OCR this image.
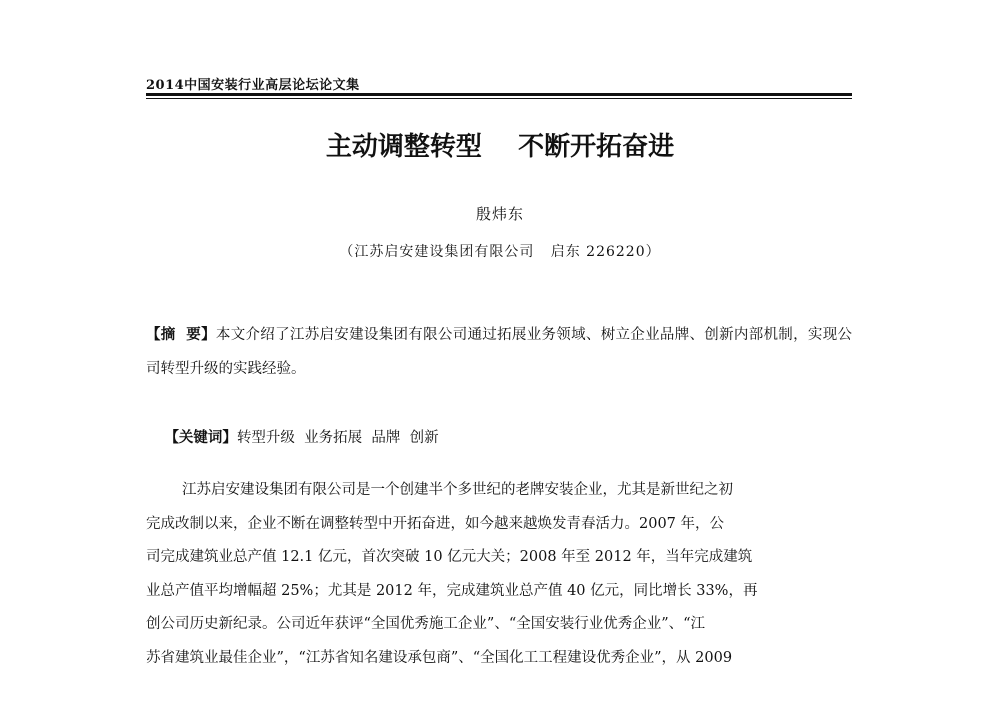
2014中国安装行业高层论坛论文集
主动调整转型    不断开拓奋进
殷炜东
（江苏启安建设集团有限公司   启东 226220）
【摘  要】本文介绍了江苏启安建设集团有限公司通过拓展业务领域、树立企业品牌、创新内部机制，实现公司转型升级的实践经验。

【关键词】转型升级  业务拓展  品牌  创新

江苏启安建设集团有限公司是一个创建半个多世纪的老牌安装企业，尤其是新世纪之初
完成改制以来，企业不断在调整转型中开拓奋进，如今越来越焕发青春活力。2007 年，公
司完成建筑业总产值 12.1 亿元，首次突破 10 亿元大关；2008 年至 2012 年，当年完成建筑
业总产值平均增幅超 25%；尤其是 2012 年，完成建筑业总产值 40 亿元，同比增长 33%，再
创公司历史新纪录。公司近年获评“全国优秀施工企业”、“全国安装行业优秀企业”、“江
苏省建筑业最佳企业”，“江苏省知名建设承包商”、“全国化工工程建设优秀企业”，从 2009
